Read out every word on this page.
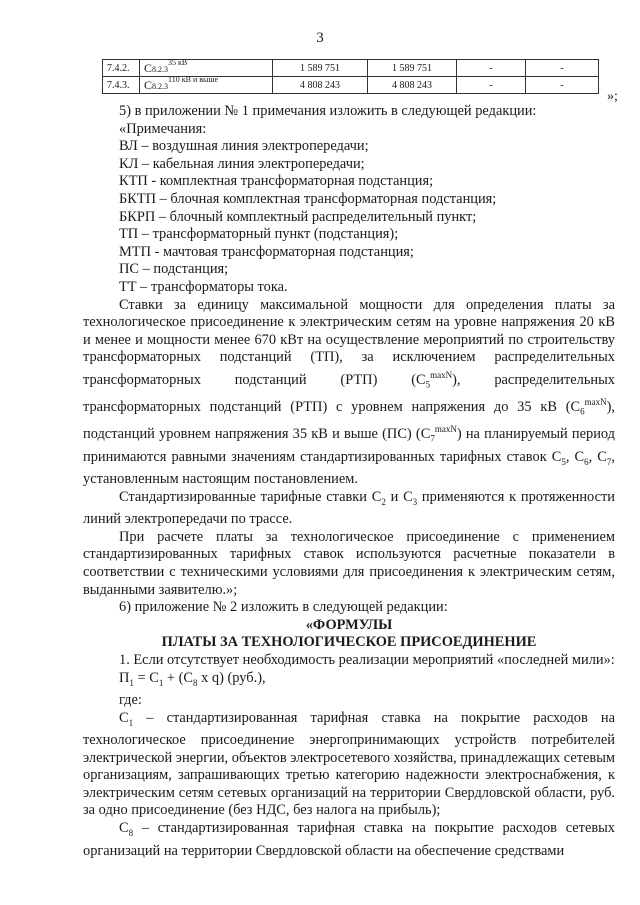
3
7.4.2.	$C8.2.3^{35 кВ}$	1 589 751	1 589 751	-	-
7.4.3.	$C8.2.3^{110 кВ и выше}$	4 808 243	4 808 243	-	-
»;

5) в приложении № 1 примечания изложить в следующей редакции:

«Примечания:

ВЛ – воздушная линия электропередачи;

КЛ – кабельная линия электропередачи;

КТП - комплектная трансформаторная подстанция;

БКТП – блочная комплектная трансформаторная подстанция;

БКРП – блочный комплектный распределительный пункт;

ТП – трансформаторный пункт (подстанция);

МТП - мачтовая трансформаторная подстанция;

ПС – подстанция;

ТТ – трансформаторы тока.

Ставки за единицу максимальной мощности для определения платы за технологическое присоединение к электрическим сетям на уровне напряжения 20 кВ и менее и мощности менее 670 кВт на осуществление мероприятий по строительству трансформаторных подстанций (ТП), за исключением распределительных трансформаторных подстанций (РТП) $(С_5^{maxN})$, распределительных трансформаторных подстанций (РТП) с уровнем напряжения до 35 кВ $(С_6^{maxN})$, подстанций уровнем напряжения 35 кВ и выше (ПС) $(С_7^{maxN})$ на планируемый период принимаются равными значениям стандартизированных тарифных ставок $С_5$, $С_6$, $С_7$, установленным настоящим постановлением.

Стандартизированные тарифные ставки $С_2$ и $С_3$ применяются к протяженности линий электропередачи по трассе.

При расчете платы за технологическое присоединение с применением стандартизированных тарифных ставок используются расчетные показатели в соответствии с техническими условиями для присоединения к электрическим сетям, выданными заявителю.»;

6) приложение № 2 изложить в следующей редакции:

«ФОРМУЛЫ

ПЛАТЫ ЗА ТЕХНОЛОГИЧЕСКОЕ ПРИСОЕДИНЕНИЕ

1. Если отсутствует необходимость реализации мероприятий «последней мили»:

$П_1 = С_1 + (С_8$ х q) (руб.),

где:

$С_1$ – стандартизированная тарифная ставка на покрытие расходов на технологическое присоединение энергопринимающих устройств потребителей электрической энергии, объектов электросетевого хозяйства, принадлежащих сетевым организациям, запрашивающих третью категорию надежности электроснабжения, к электрическим сетям сетевых организаций на территории Свердловской области, руб. за одно присоединение (без НДС, без налога на прибыль);

$С_8$ – стандартизированная тарифная ставка на покрытие расходов сетевых организаций на территории Свердловской области на обеспечение средствами
